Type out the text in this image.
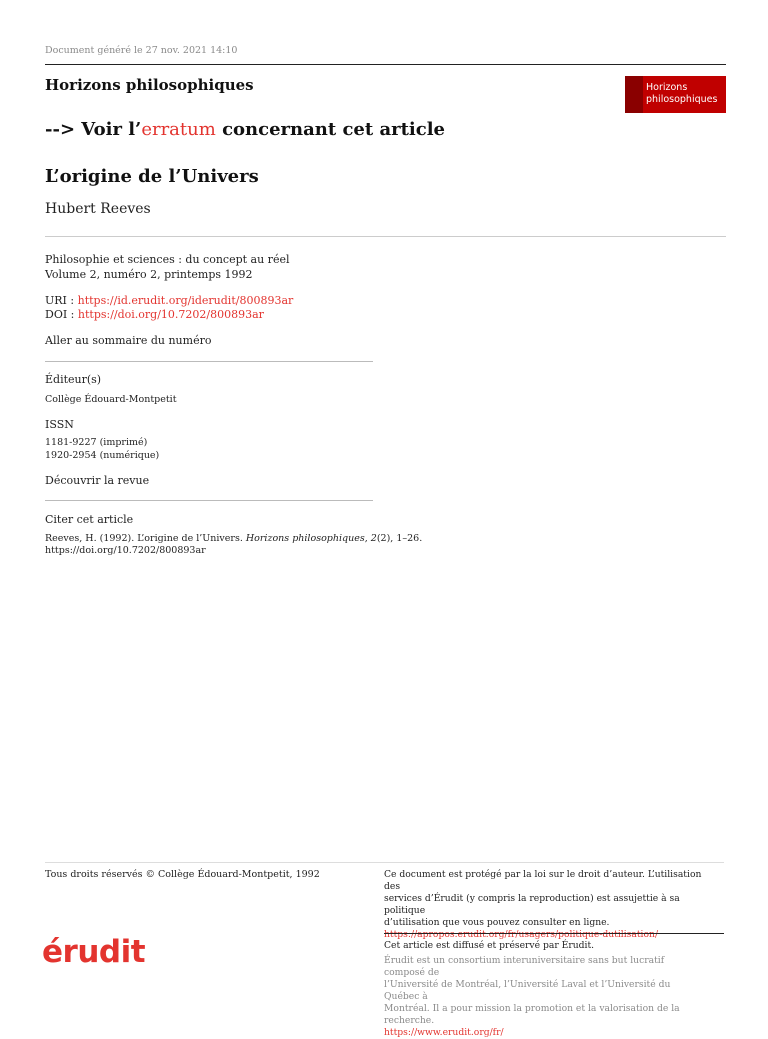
Document généré le 27 nov. 2021 14:10
Horizons philosophiques	Horizons
philosophiques
--> Voir l’erratum concernant cet article
L’origine de l’Univers
Hubert Reeves
Philosophie et sciences : du concept au réel
Volume 2, numéro 2, printemps 1992
URI : https://id.erudit.org/iderudit/800893ar
DOI : https://doi.org/10.7202/800893ar
Aller au sommaire du numéro
Éditeur(s)
Collège Édouard-Montpetit
ISSN
1181-9227 (imprimé)
1920-2954 (numérique)
Découvrir la revue
Citer cet article
Reeves, H. (1992). L’origine de l’Univers. Horizons philosophiques, 2(2), 1–26.
https://doi.org/10.7202/800893ar
Tous droits réservés © Collège Édouard-Montpetit, 1992	Ce document est protégé par la loi sur le droit d’auteur. L’utilisation des
services d’Érudit (y compris la reproduction) est assujettie à sa politique
d’utilisation que vous pouvez consulter en ligne.
https://apropos.erudit.org/fr/usagers/politique-dutilisation/
érudit	Cet article est diffusé et préservé par Érudit.
Érudit est un consortium interuniversitaire sans but lucratif composé de
l’Université de Montréal, l’Université Laval et l’Université du Québec à
Montréal. Il a pour mission la promotion et la valorisation de la recherche.
https://www.erudit.org/fr/
